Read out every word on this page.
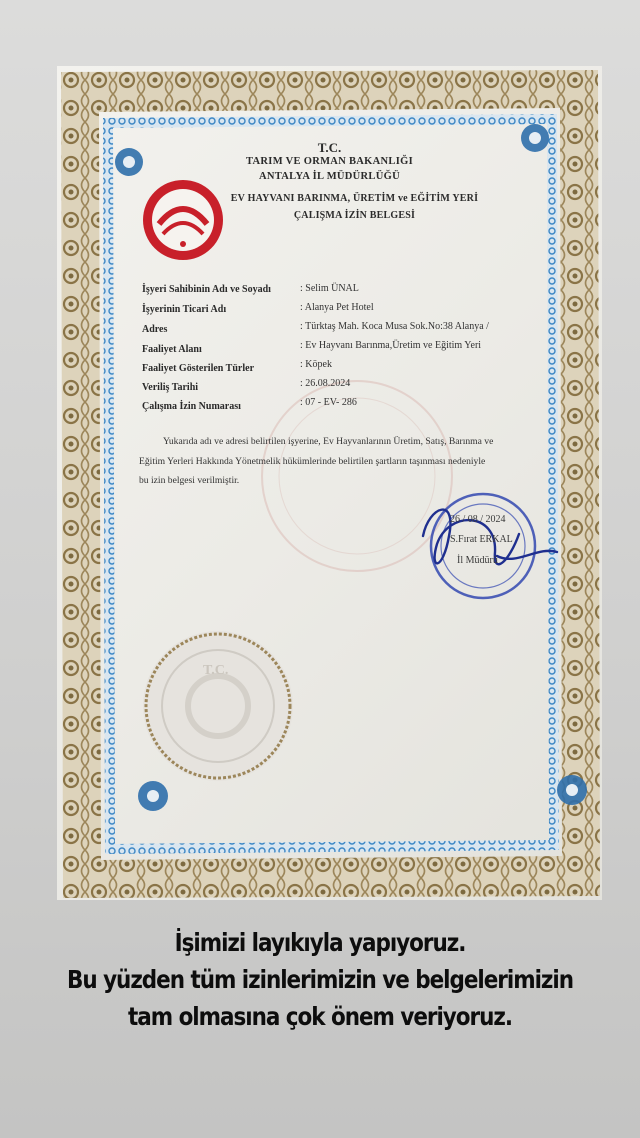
T.C.
TARIM VE ORMAN BAKANLIĞI
ANTALYA İL MÜDÜRLÜĞÜ
EV HAYVANI BARINMA, ÜRETİM ve EĞİTİM YERİ
ÇALIŞMA İZİN BELGESİ
İşyeri Sahibinin Adı ve Soyadı	: Selim ÜNAL
İşyerinin Ticari Adı	: Alanya Pet Hotel
Adres	: Türktaş Mah. Koca Musa Sok.No:38 Alanya /
Faaliyet Alanı	: Ev Hayvanı Barınma,Üretim ve Eğitim Yeri
Faaliyet Gösterilen Türler	: Köpek
Veriliş Tarihi	: 26.08.2024
Çalışma İzin Numarası	: 07 - EV- 286
Yukarıda adı ve adresi belirtilen işyerine, Ev Hayvanlarının Üretim, Satış, Barınma ve
Eğitim Yerleri Hakkında Yönetmelik hükümlerinde belirtilen şartların taşınması nedeniyle
bu izin belgesi verilmiştir.
26 / 08 / 2024
S.Fırat ERKAL
İl Müdürü
T.C.
İşimizi layıkıyla yapıyoruz.
Bu yüzden tüm izinlerimizin ve belgelerimizin
tam olmasına çok önem veriyoruz.
